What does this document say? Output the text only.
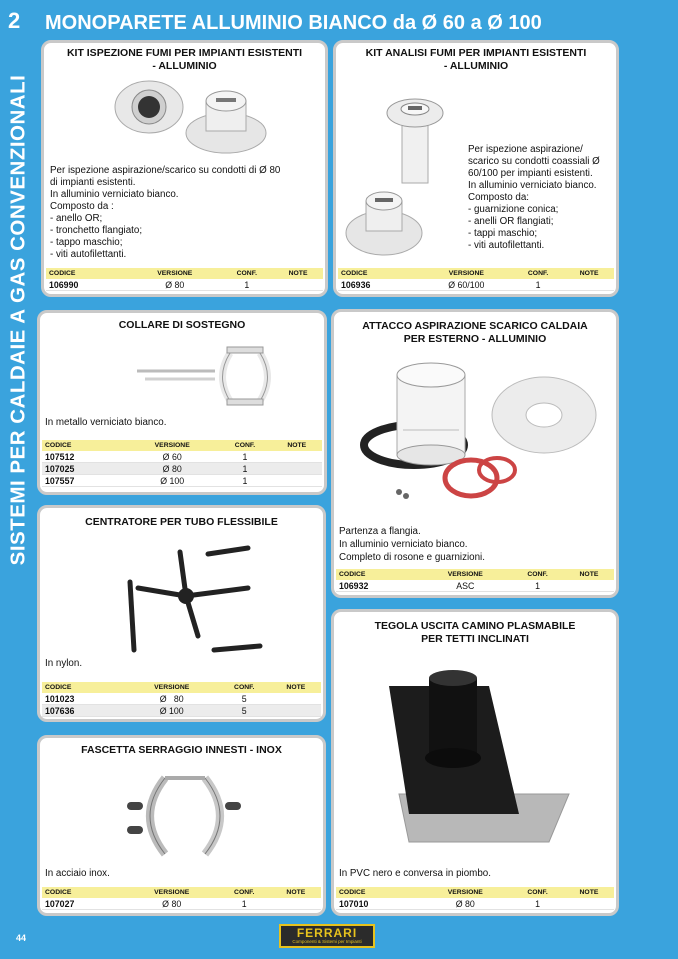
2
SISTEMI PER CALDAIE A GAS CONVENZIONALI
MONOPARETE ALLUMINIO BIANCO da Ø 60 a Ø 100
KIT ISPEZIONE FUMI PER IMPIANTI ESISTENTI
- ALLUMINIO
Per ispezione aspirazione/scarico su condotti di Ø 80
di impianti esistenti.
In alluminio verniciato bianco.
Composto da :
- anello OR;
- tronchetto flangiato;
- tappo maschio;
- viti autofilettanti.
CODICE	VERSIONE	CONF.	NOTE
106990	Ø 80	1
KIT ANALISI FUMI PER IMPIANTI ESISTENTI
- ALLUMINIO
Per ispezione aspirazione/
scarico su condotti coassiali Ø
60/100 per impianti esistenti.
In alluminio verniciato bianco.
Composto da:
- guarnizione conica;
- anelli OR flangiati;
- tappi maschio;
- viti autofilettanti.
CODICE	VERSIONE	CONF.	NOTE
106936	Ø 60/100	1
COLLARE DI SOSTEGNO
In metallo verniciato bianco.
CODICE	VERSIONE	CONF.	NOTE
107512	Ø 60	1
107025	Ø 80	1
107557	Ø 100	1
ATTACCO ASPIRAZIONE SCARICO CALDAIA
PER ESTERNO - ALLUMINIO
Partenza a flangia.
In alluminio verniciato bianco.
Completo di rosone e guarnizioni.
CODICE	VERSIONE	CONF.	NOTE
106932	ASC	1
CENTRATORE PER TUBO FLESSIBILE
In nylon.
CODICE	VERSIONE	CONF.	NOTE
101023	Ø   80	5
107636	Ø 100	5
TEGOLA USCITA CAMINO PLASMABILE
PER TETTI INCLINATI
In PVC nero e conversa in piombo.
CODICE	VERSIONE	CONF.	NOTE
107010	Ø 80	1
FASCETTA SERRAGGIO INNESTI - INOX
In acciaio inox.
CODICE	VERSIONE	CONF.	NOTE
107027	Ø 80	1
44	FERRARI
Componenti & Sistemi per Impianti
